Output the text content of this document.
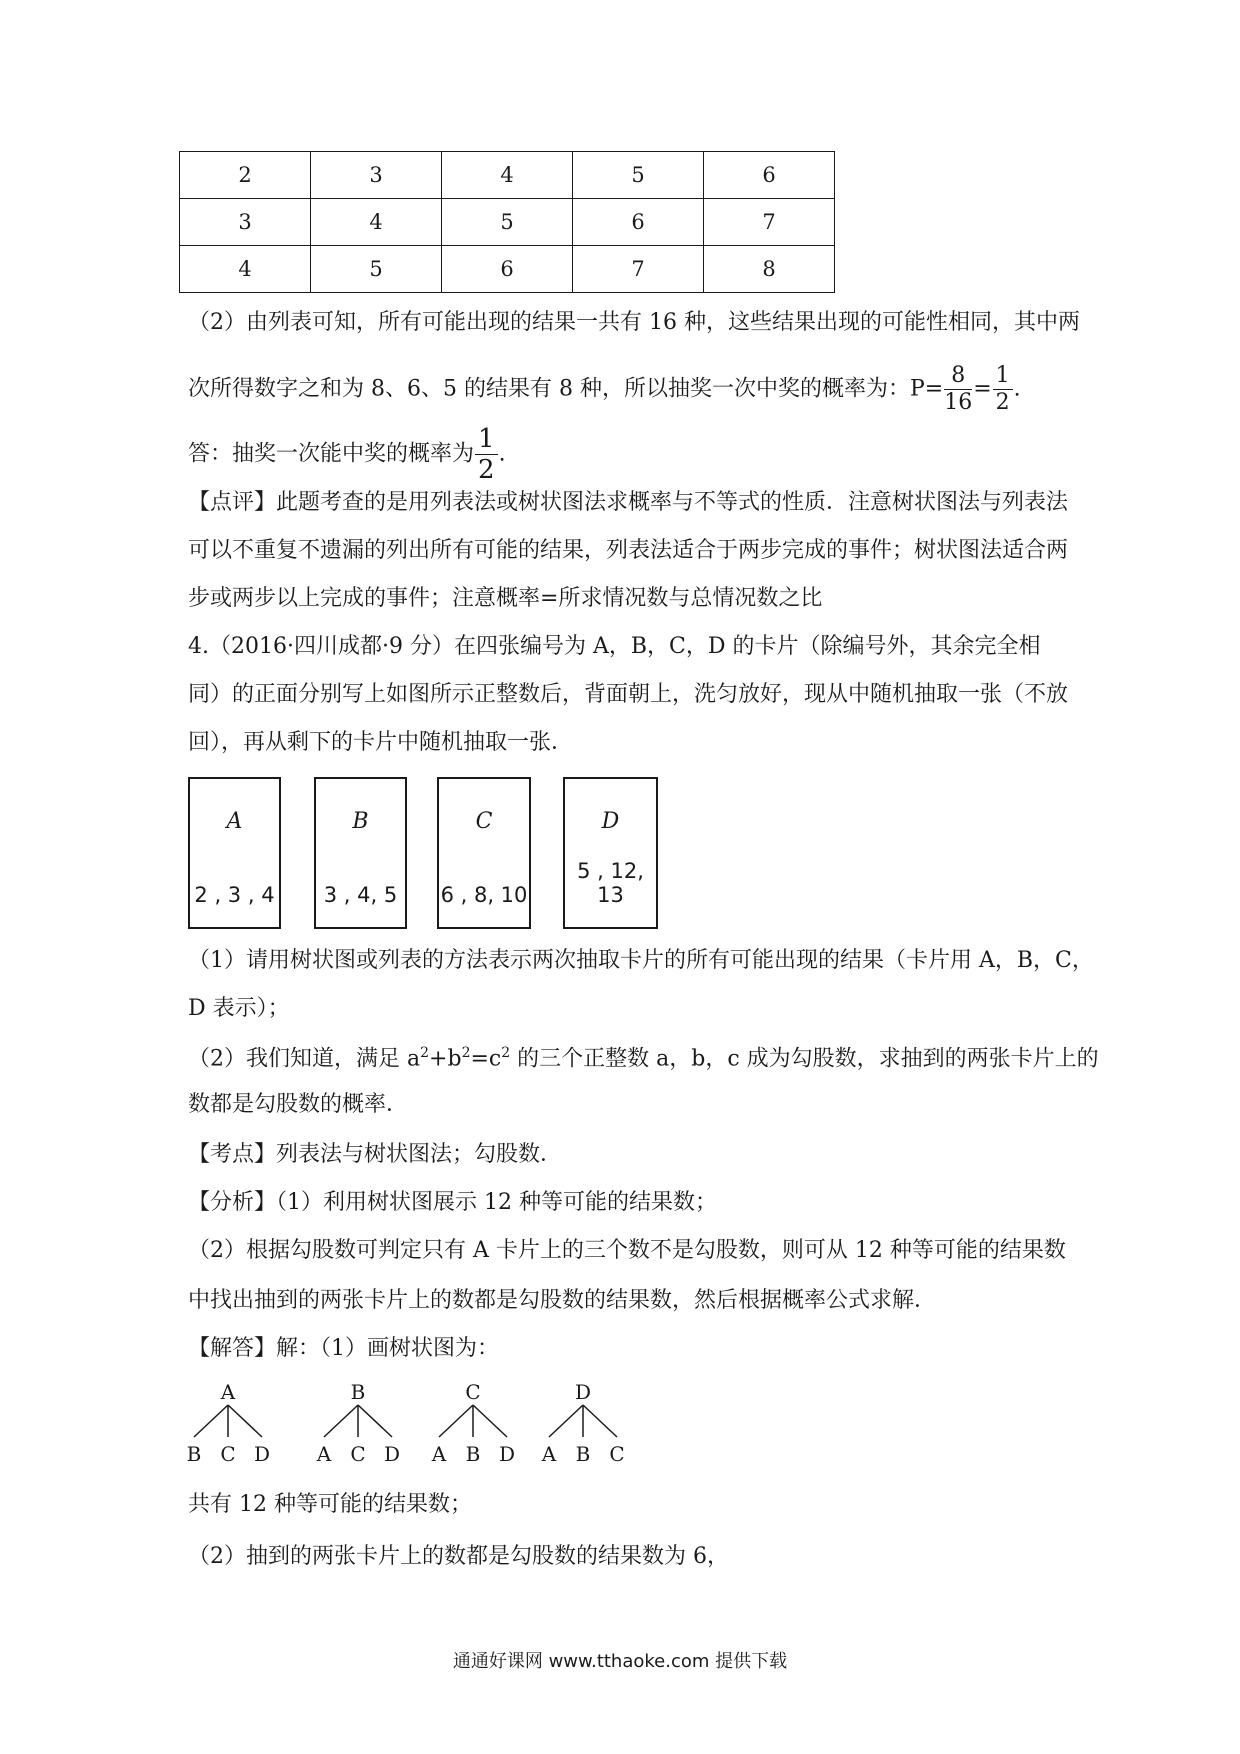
2	3	4	5	6
3	4	5	6	7
4	5	6	7	8
（2）由列表可知，所有可能出现的结果一共有 16 种，这些结果出现的可能性相同，其中两
次所得数字之和为 8、6、5 的结果有 8 种，所以抽奖一次中奖的概率为：$P= \frac{8}{16} = \frac{1}{2}$ .
答：抽奖一次能中奖的概率为 $\frac{1}{2}$ .
【点评】此题考查的是用列表法或树状图法求概率与不等式的性质．注意树状图法与列表法
可以不重复不遗漏的列出所有可能的结果，列表法适合于两步完成的事件；树状图法适合两
步或两步以上完成的事件；注意概率=所求情况数与总情况数之比
4.（2016·四川成都·9 分）在四张编号为 A，B，C，D 的卡片（除编号外，其余完全相
同）的正面分别写上如图所示正整数后，背面朝上，洗匀放好，现从中随机抽取一张（不放
回），再从剩下的卡片中随机抽取一张．
A
2 , 3 , 4
B
3 , 4, 5
C
6 , 8, 10
D
5 , 12, 13
（1）请用树状图或列表的方法表示两次抽取卡片的所有可能出现的结果（卡片用 A，B，C，
D 表示）；
（2）我们知道，满足 $a^2+b^2=c^2$ 的三个正整数 a，b，c 成为勾股数，求抽到的两张卡片上的
数都是勾股数的概率．
【考点】列表法与树状图法；勾股数．
【分析】（1）利用树状图展示 12 种等可能的结果数；
（2）根据勾股数可判定只有 A 卡片上的三个数不是勾股数，则可从 12 种等可能的结果数
中找出抽到的两张卡片上的数都是勾股数的结果数，然后根据概率公式求解．
【解答】解：（1）画树状图为：
A
B C D
B
A C D
C
A B D
D
A B C
共有 12 种等可能的结果数；
（2）抽到的两张卡片上的数都是勾股数的结果数为 6，
通通好课网 www.tthaoke.com 提供下载
